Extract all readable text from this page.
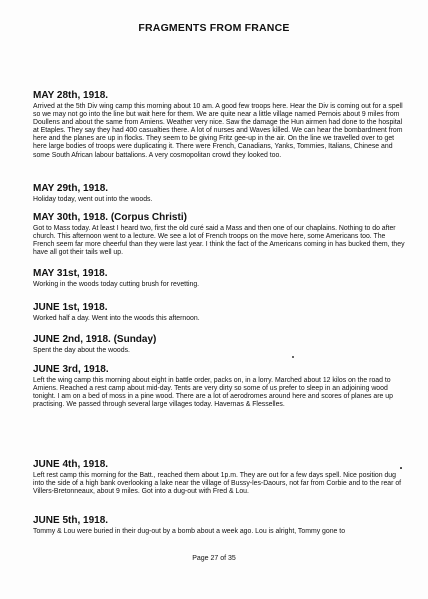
FRAGMENTS FROM FRANCE

MAY 28th, 1918.

Arrived at the 5th Div wing camp this morning about 10 am. A good few troops here. Hear the Div is coming out for a spell so we may not go into the line but wait here for them. We are quite near a little village named Pernois about 9 miles from Doullens and about the same from Amiens. Weather very nice. Saw the damage the Hun airmen had done to the hospital at Etaples. They say they had 400 casualties there. A lot of nurses and Waves killed. We can hear the bombardment from here and the planes are up in flocks. They seem to be giving Fritz gee-up in the air. On the line we travelled over to get here large bodies of troops were duplicating it. There were French, Canadians, Yanks, Tommies, Italians, Chinese and some South African labour battalions. A very cosmopolitan crowd they looked too.

MAY 29th, 1918.

Holiday today, went out into the woods.

MAY 30th, 1918. (Corpus Christi)

Got to Mass today. At least I heard two, first the old curé said a Mass and then one of our chaplains. Nothing to do after church. This afternoon went to a lecture. We see a lot of French troops on the move here, some Americans too. The French seem far more cheerful than they were last year. I think the fact of the Americans coming in has bucked them, they have all got their tails well up.

MAY 31st, 1918.

Working in the woods today cutting brush for revetting.

JUNE 1st, 1918.

Worked half a day. Went into the woods this afternoon.

JUNE 2nd, 1918. (Sunday)

Spent the day about the woods.

JUNE 3rd, 1918.

Left the wing camp this morning about eight in battle order, packs on, in a lorry. Marched about 12 kilos on the road to Amiens. Reached a rest camp about mid-day. Tents are very dirty so some of us prefer to sleep in an adjoining wood tonight. I am on a bed of moss in a pine wood. There are a lot of aerodromes around here and scores of planes are up practising. We passed through several large villages today. Havernas & Flesselles.

JUNE 4th, 1918.

Left rest camp this morning for the Batt., reached them about 1p.m. They are out for a few days spell. Nice position dug into the side of a high bank overlooking a lake near the village of Bussy-les-Daours, not far from Corbie and to the rear of Villers-Bretonneaux, about 9 miles. Got into a dug-out with Fred & Lou.

JUNE 5th, 1918.

Tommy & Lou were buried in their dug-out by a bomb about a week ago. Lou is alright, Tommy gone to

Page 27 of 35
